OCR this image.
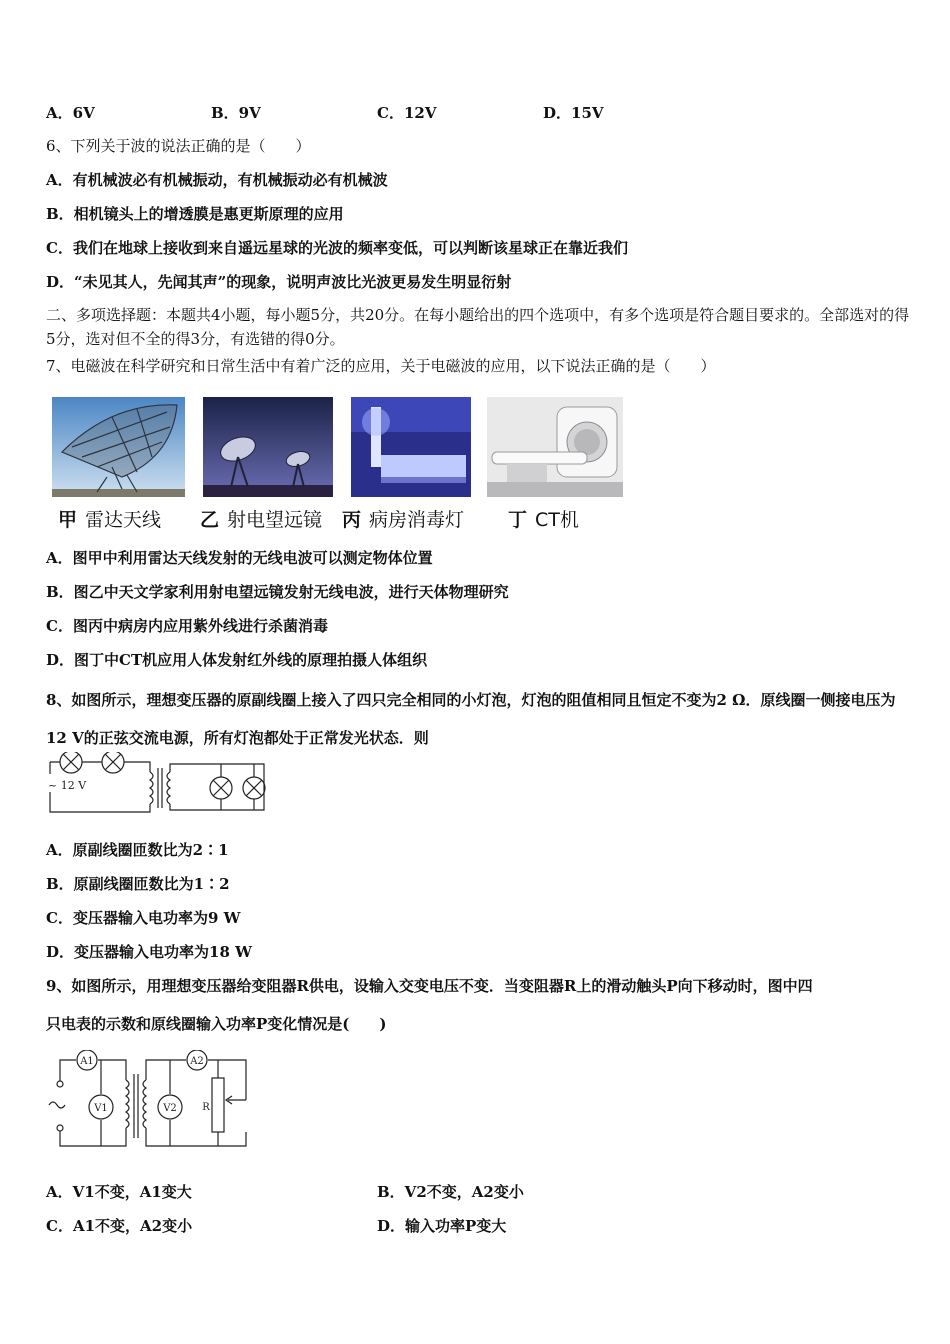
A．6V	B．9V	C．12V	D．15V
6、下列关于波的说法正确的是（　　）
A．有机械波必有机械振动，有机械振动必有机械波
B．相机镜头上的增透膜是惠更斯原理的应用
C．我们在地球上接收到来自遥远星球的光波的频率变低，可以判断该星球正在靠近我们
D．“未见其人，先闻其声”的现象，说明声波比光波更易发生明显衍射
二、多项选择题：本题共4小题，每小题5分，共20分。在每小题给出的四个选项中，有多个选项是符合题目要求的。全部选对的得5分，选对但不全的得3分，有选错的得0分。
7、电磁波在科学研究和日常生活中有着广泛的应用，关于电磁波的应用，以下说法正确的是（　　）
甲 雷达天线 乙 射电望远镜 丙 病房消毒灯 丁 CT机
A．图甲中利用雷达天线发射的无线电波可以测定物体位置
B．图乙中天文学家利用射电望远镜发射无线电波，进行天体物理研究
C．图丙中病房内应用紫外线进行杀菌消毒
D．图丁中CT机应用人体发射红外线的原理拍摄人体组织
8、如图所示，理想变压器的原副线圈上接入了四只完全相同的小灯泡，灯泡的阻值相同且恒定不变为2 Ω．原线圈一侧接电压为12 V的正弦交流电源，所有灯泡都处于正常发光状态．则
~ 12 V
A．原副线圈匝数比为2∶1
B．原副线圈匝数比为1∶2
C．变压器输入电功率为9 W
D．变压器输入电功率为18 W
9、如图所示，用理想变压器给变阻器R供电，设输入交变电压不变．当变阻器R上的滑动触头P向下移动时，图中四
只电表的示数和原线圈输入功率P变化情况是(　　)
A1	A2
V1	V2	R
A．V1不变，A1变大	B．V2不变，A2变小
C．A1不变，A2变小	D．输入功率P变大
